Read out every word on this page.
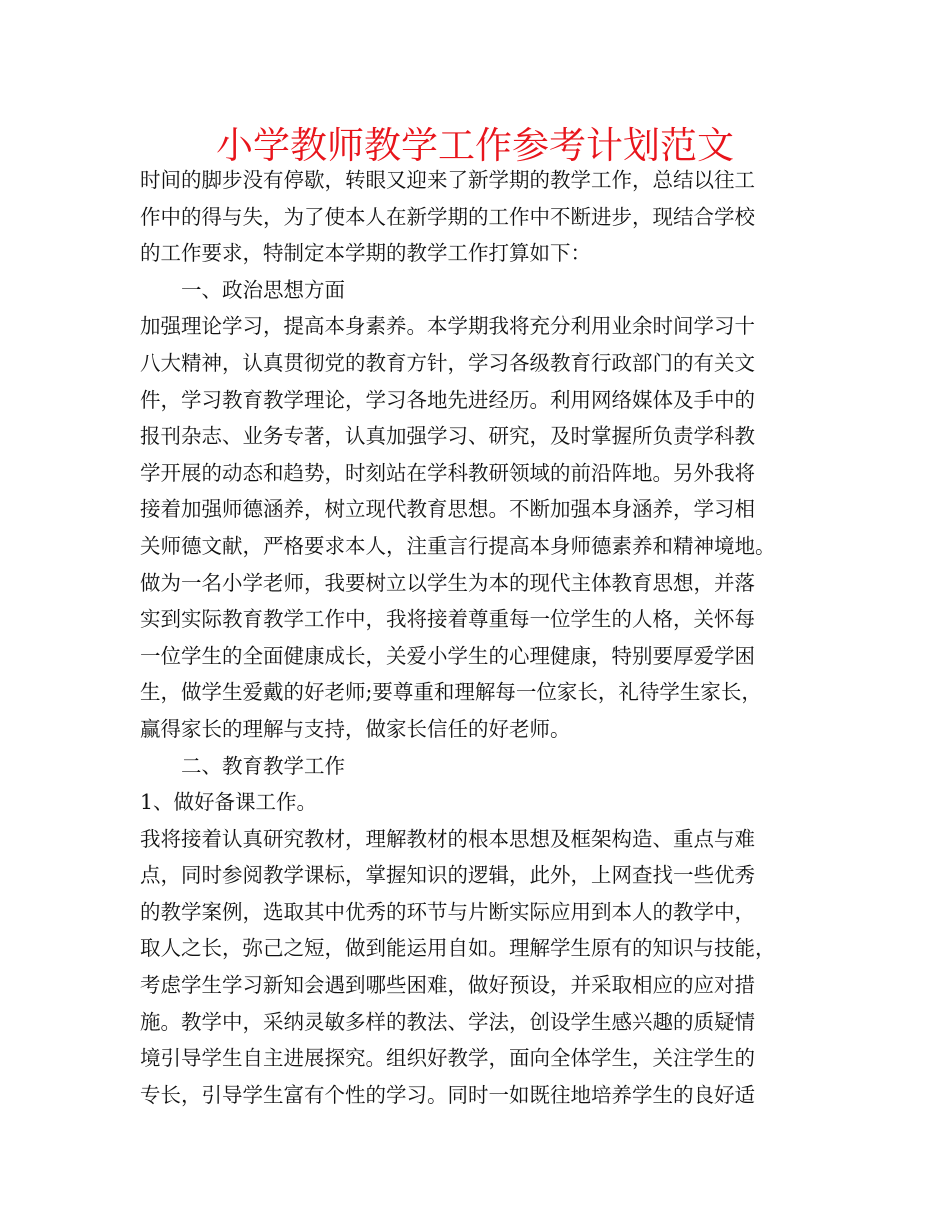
小学教师教学工作参考计划范文
时间的脚步没有停歇，转眼又迎来了新学期的教学工作，总结以往工
作中的得与失，为了使本人在新学期的工作中不断进步，现结合学校
的工作要求，特制定本学期的教学工作打算如下：
一、政治思想方面
加强理论学习，提高本身素养。本学期我将充分利用业余时间学习十
八大精神，认真贯彻党的教育方针，学习各级教育行政部门的有关文
件，学习教育教学理论，学习各地先进经历。利用网络媒体及手中的
报刊杂志、业务专著，认真加强学习、研究，及时掌握所负责学科教
学开展的动态和趋势，时刻站在学科教研领域的前沿阵地。另外我将
接着加强师德涵养，树立现代教育思想。不断加强本身涵养，学习相
关师德文献，严格要求本人，注重言行提高本身师德素养和精神境地。
做为一名小学老师，我要树立以学生为本的现代主体教育思想，并落
实到实际教育教学工作中，我将接着尊重每一位学生的人格，关怀每
一位学生的全面健康成长，关爱小学生的心理健康，特别要厚爱学困
生，做学生爱戴的好老师;要尊重和理解每一位家长，礼待学生家长，
赢得家长的理解与支持，做家长信任的好老师。
二、教育教学工作
1、做好备课工作。
我将接着认真研究教材，理解教材的根本思想及框架构造、重点与难
点，同时参阅教学课标，掌握知识的逻辑，此外，上网查找一些优秀
的教学案例，选取其中优秀的环节与片断实际应用到本人的教学中，
取人之长，弥己之短，做到能运用自如。理解学生原有的知识与技能，
考虑学生学习新知会遇到哪些困难，做好预设，并采取相应的应对措
施。教学中，采纳灵敏多样的教法、学法，创设学生感兴趣的质疑情
境引导学生自主进展探究。组织好教学，面向全体学生，关注学生的
专长，引导学生富有个性的学习。同时一如既往地培养学生的良好适
